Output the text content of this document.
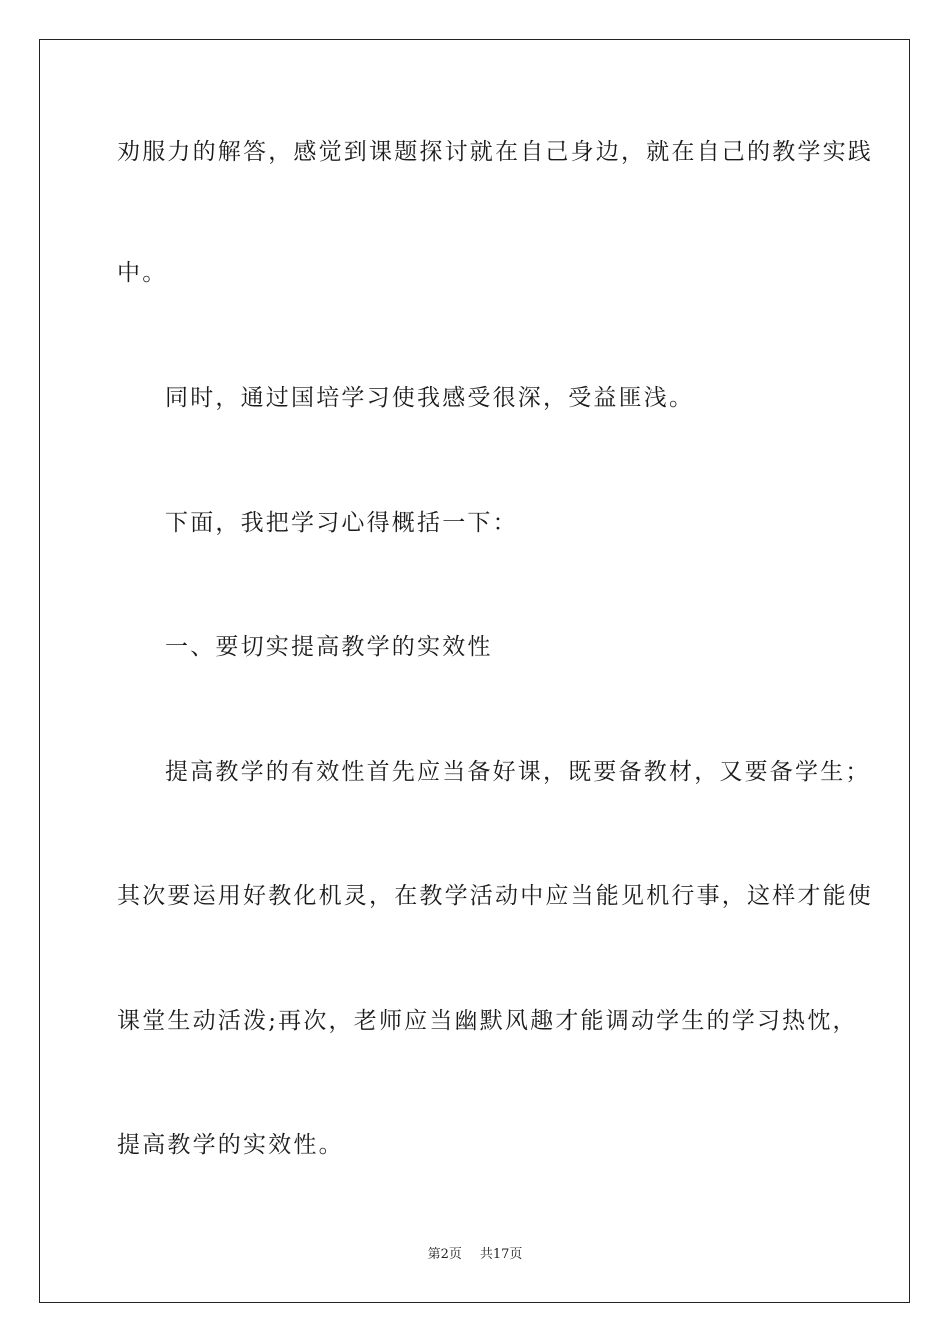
劝服力的解答，感觉到课题探讨就在自己身边，就在自己的教学实践
中。
同时，通过国培学习使我感受很深，受益匪浅。
下面，我把学习心得概括一下：
一、要切实提高教学的实效性
提高教学的有效性首先应当备好课，既要备教材，又要备学生；
其次要运用好教化机灵，在教学活动中应当能见机行事，这样才能使
课堂生动活泼;再次，老师应当幽默风趣才能调动学生的学习热忱，
提高教学的实效性。
第2页 共17页
